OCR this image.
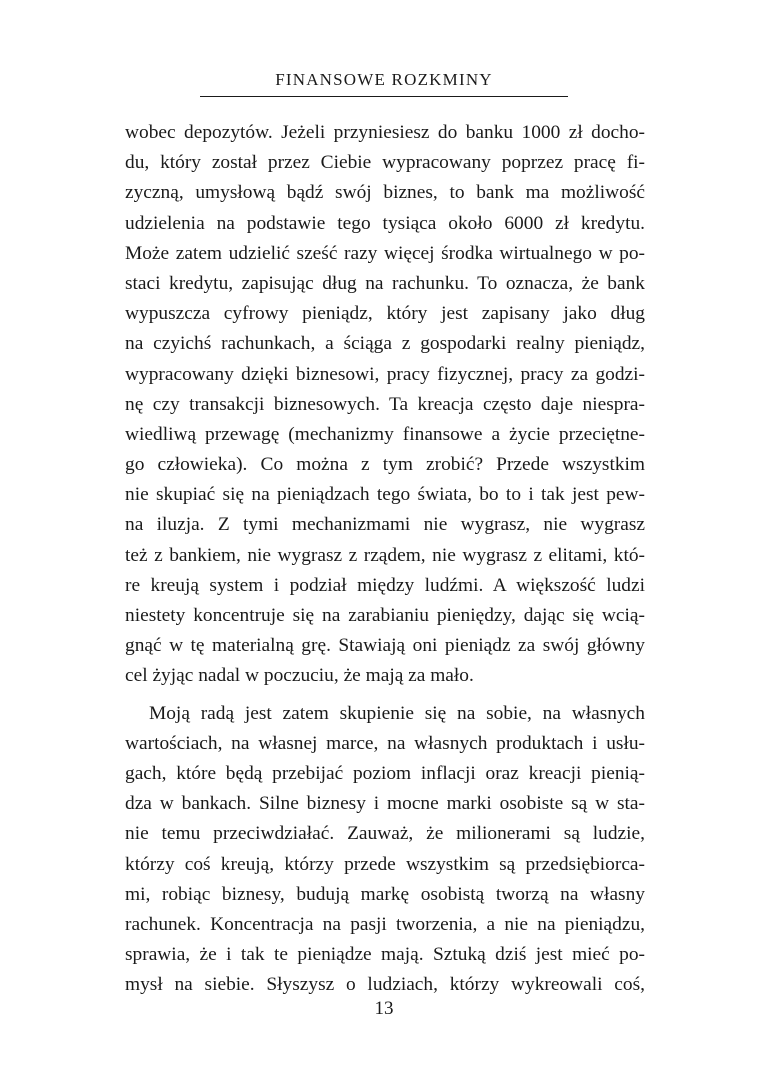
FINANSOWE ROZKMINY
wobec depozytów. Jeżeli przyniesiesz do banku 1000 zł docho-
du, który został przez Ciebie wypracowany poprzez pracę fi-
zyczną, umysłową bądź swój biznes, to bank ma możliwość
udzielenia na podstawie tego tysiąca około 6000 zł kredytu.
Może zatem udzielić sześć razy więcej środka wirtualnego w po-
staci kredytu, zapisując dług na rachunku. To oznacza, że bank
wypuszcza cyfrowy pieniądz, który jest zapisany jako dług
na czyichś rachunkach, a ściąga z gospodarki realny pieniądz,
wypracowany dzięki biznesowi, pracy fizycznej, pracy za godzi-
nę czy transakcji biznesowych. Ta kreacja często daje niespra-
wiedliwą przewagę (mechanizmy finansowe a życie przeciętne-
go człowieka). Co można z tym zrobić? Przede wszystkim
nie skupiać się na pieniądzach tego świata, bo to i tak jest pew-
na iluzja. Z tymi mechanizmami nie wygrasz, nie wygrasz
też z bankiem, nie wygrasz z rządem, nie wygrasz z elitami, któ-
re kreują system i podział między ludźmi. A większość ludzi
niestety koncentruje się na zarabianiu pieniędzy, dając się wcią-
gnąć w tę materialną grę. Stawiają oni pieniądz za swój główny
cel żyjąc nadal w poczuciu, że mają za mało.
Moją radą jest zatem skupienie się na sobie, na własnych
wartościach, na własnej marce, na własnych produktach i usłu-
gach, które będą przebijać poziom inflacji oraz kreacji pienią-
dza w bankach. Silne biznesy i mocne marki osobiste są w sta-
nie temu przeciwdziałać. Zauważ, że milionerami są ludzie,
którzy coś kreują, którzy przede wszystkim są przedsiębiorca-
mi, robiąc biznesy, budują markę osobistą tworzą na własny
rachunek. Koncentracja na pasji tworzenia, a nie na pieniądzu,
sprawia, że i tak te pieniądze mają. Sztuką dziś jest mieć po-
mysł na siebie. Słyszysz o ludziach, którzy wykreowali coś,
13
